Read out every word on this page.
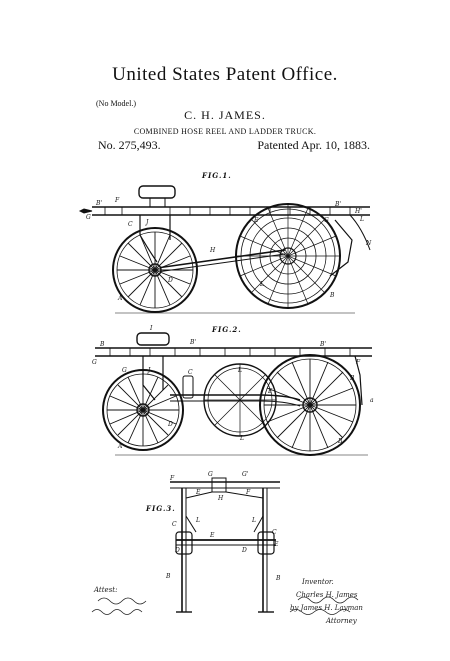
United States Patent Office.
(No Model.)
C. H. JAMES.
COMBINED HOSE REEL AND LADDER TRUCK.
No. 275,493.	Patented Apr. 10, 1883.
FIG.1.
FIG.2.
FIG.3.
B'
G
F
J
C
H
A
D
E
B'
G	L
N
B
L
H'
I
B	B'
G
G	J	C	L
E
B'
F
B
a
A
D
L	B
F
G	G'
E
H
F
C
L	L
E
E
D	D
C
B	B
Attest:
Inventor.
Charles H. James
by James H. Layman
Attorney
